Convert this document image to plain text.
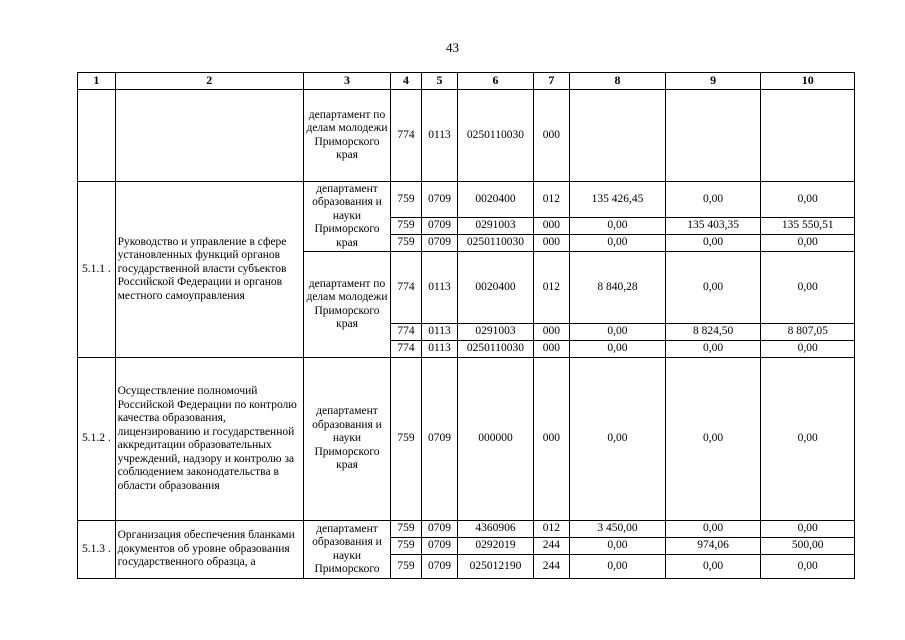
43
1	2	3	4	5	6	7	8	9	10
		департамент по делам молодежи Приморского края	774	0113	0250110030	000			
5.1.1 .	Руководство и управление в сфере установленных функций органов государственной власти субъектов Российской Федерации и органов местного самоуправления	департамент образования и науки Приморского края	759	0709	0020400	012	135 426,45	0,00	0,00
			759	0709	0291003	000	0,00	135 403,35	135 550,51
			759	0709	0250110030	000	0,00	0,00	0,00
		департамент по делам молодежи Приморского края	774	0113	0020400	012	8 840,28	0,00	0,00
			774	0113	0291003	000	0,00	8 824,50	8 807,05
			774	0113	0250110030	000	0,00	0,00	0,00
5.1.2 .	Осуществление полномочий Российской Федерации по контролю качества образования, лицензированию и государственной аккредитации образовательных учреждений, надзору и контролю за соблюдением законодательства в области образования	департамент образования и науки Приморского края	759	0709	000000	000	0,00	0,00	0,00
5.1.3 .	Организация обеспечения бланками документов об уровне образования государственного образца, а	департамент образования и науки Приморского	759	0709	4360906	012	3 450,00	0,00	0,00
			759	0709	0292019	244	0,00	974,06	500,00
			759	0709	025012190	244	0,00	0,00	0,00
